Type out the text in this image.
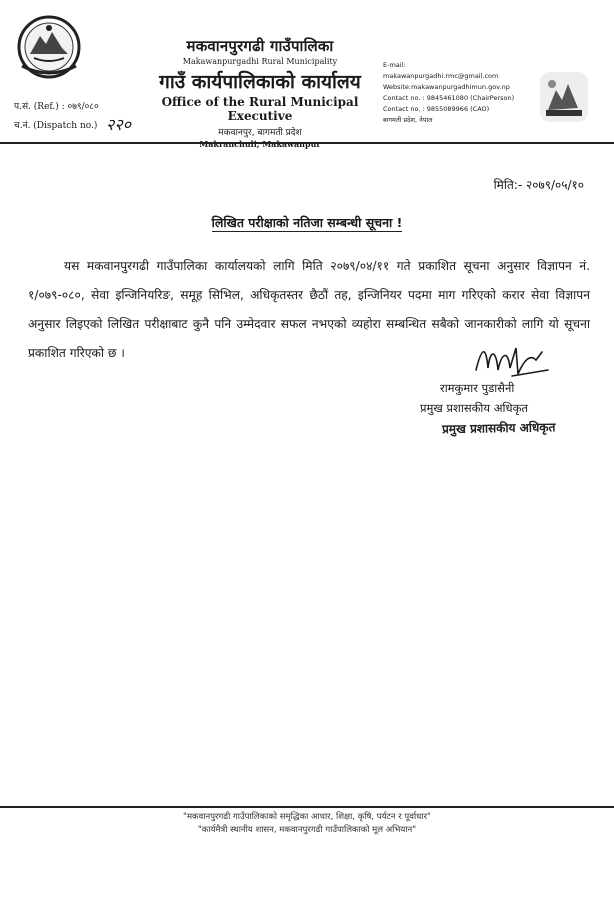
मकवानपुरगढी गाउँपालिका
Makawanpurgadhi Rural Municipality
गाउँ कार्यपालिकाको कार्यालय
Office of the Rural Municipal Executive
मकवानपुर, बागमती प्रदेश
Makranchuli, Makawanpur
E-mail:
makawanpurgadhi.rmc@gmail.com
Website:makawanpurgadhimun.gov.np
Contact no. : 9845461080 (ChairPerson)
Contact no. : 9855089966 (CAO)
बागमती प्रदेश, नेपाल
प.सं. (Ref.) : ०७९/०८०
च.नं. (Dispatch no.) २२०
मिति:- २०७९/०५/१०
लिखित परीक्षाको नतिजा सम्बन्धी सूचना !
यस मकवानपुरगढी गाउँपालिका कार्यालयको लागि मिति २०७९/०४/११ गते प्रकाशित सूचना अनुसार विज्ञापन नं. १/०७९-०८०, सेवा इन्जिनियरिङ, समूह सिभिल, अधिकृतस्तर छैठौं तह, इन्जिनियर पदमा माग गरिएको करार सेवा विज्ञापन अनुसार लिइएको लिखित परीक्षाबाट कुनै पनि उम्मेदवार सफल नभएको व्यहोरा सम्बन्धित सबैको जानकारीको लागि यो सूचना प्रकाशित गरिएको छ ।
रामकुमार पुडासैनी
प्रमुख प्रशासकीय अधिकृत
प्रमुख प्रशासकीय अधिकृत
"मकवानपुरगढी गाउँपालिकाको समृद्धिका आधार, शिक्षा, कृषि, पर्यटन र पूर्वाधार"
"कार्यमैत्री स्थानीय शासन, मकवानपुरगढी गाउँपालिकाको मूल अभियान"
